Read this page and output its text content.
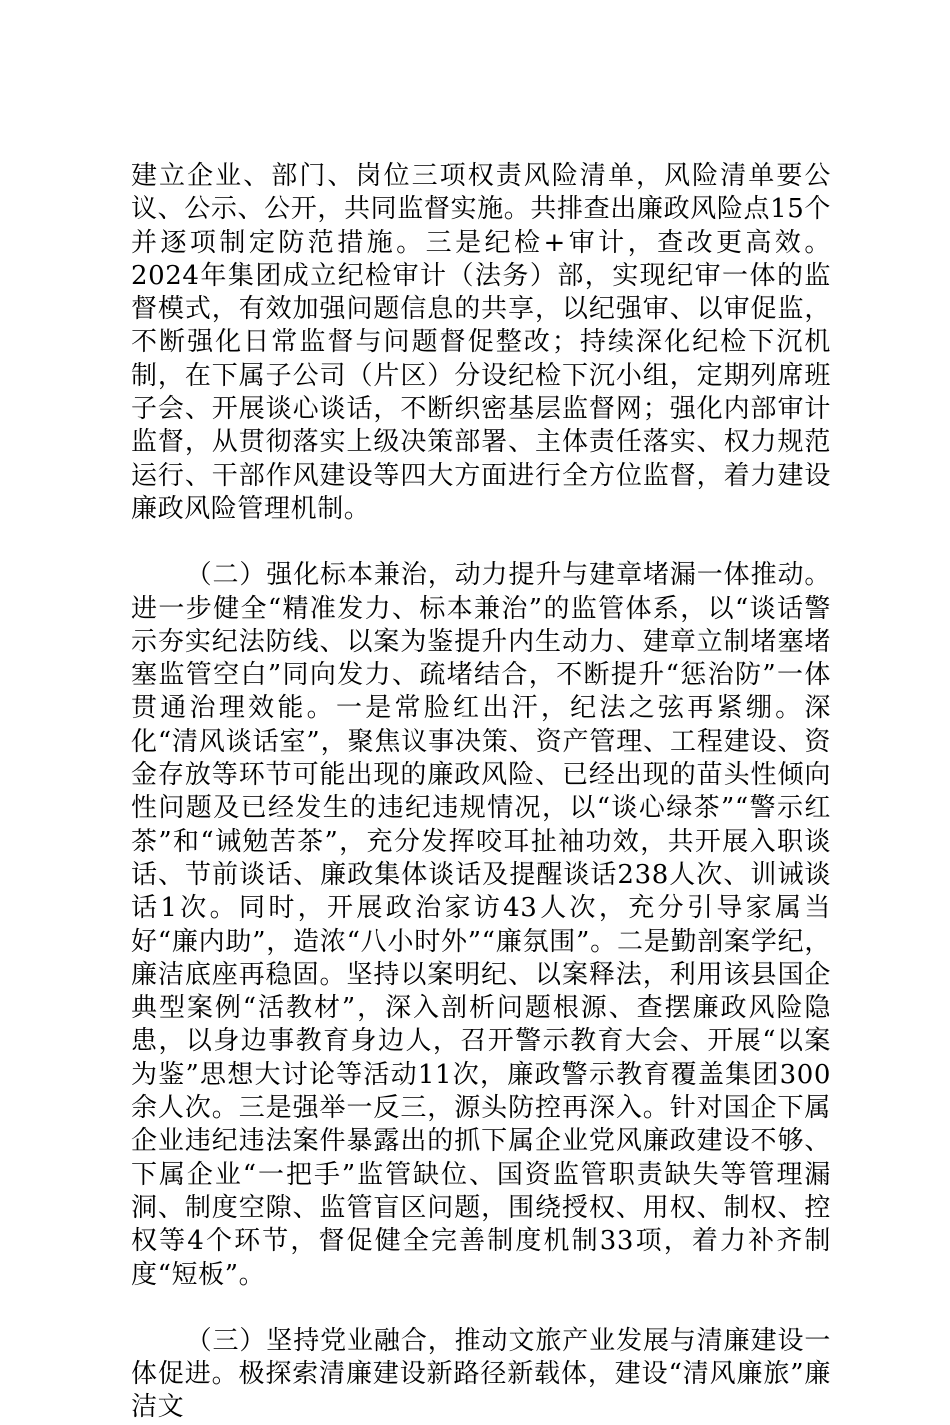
建立企业、部门、岗位三项权责风险清单，风险清单要公议、公示、公开，共同监督实施。共排查出廉政风险点15个并逐项制定防范措施。三是纪检+审计，查改更高效。2024年集团成立纪检审计（法务）部，实现纪审一体的监督模式，有效加强问题信息的共享，以纪强审、以审促监，不断强化日常监督与问题督促整改；持续深化纪检下沉机制，在下属子公司（片区）分设纪检下沉小组，定期列席班子会、开展谈心谈话，不断织密基层监督网；强化内部审计监督，从贯彻落实上级决策部署、主体责任落实、权力规范运行、干部作风建设等四大方面进行全方位监督，着力建设廉政风险管理机制。

（二）强化标本兼治，动力提升与建章堵漏一体推动。进一步健全“精准发力、标本兼治”的监管体系，以“谈话警示夯实纪法防线、以案为鉴提升内生动力、建章立制堵塞堵塞监管空白”同向发力、疏堵结合，不断提升“惩治防”一体贯通治理效能。一是常脸红出汗，纪法之弦再紧绷。深化“清风谈话室”，聚焦议事决策、资产管理、工程建设、资金存放等环节可能出现的廉政风险、已经出现的苗头性倾向性问题及已经发生的违纪违规情况，以“谈心绿茶”“警示红茶”和“诫勉苦茶”，充分发挥咬耳扯袖功效，共开展入职谈话、节前谈话、廉政集体谈话及提醒谈话238人次、训诫谈话1次。同时，开展政治家访43人次，充分引导家属当好“廉内助”，造浓“八小时外”“廉氛围”。二是勤剖案学纪，廉洁底座再稳固。坚持以案明纪、以案释法，利用该县国企典型案例“活教材”，深入剖析问题根源、查摆廉政风险隐患，以身边事教育身边人，召开警示教育大会、开展“以案为鉴”思想大讨论等活动11次，廉政警示教育覆盖集团300余人次。三是强举一反三，源头防控再深入。针对国企下属企业违纪违法案件暴露出的抓下属企业党风廉政建设不够、下属企业“一把手”监管缺位、国资监管职责缺失等管理漏洞、制度空隙、监管盲区问题，围绕授权、用权、制权、控权等4个环节，督促健全完善制度机制33项，着力补齐制度“短板”。

（三）坚持党业融合，推动文旅产业发展与清廉建设一体促进。极探索清廉建设新路径新载体，建设“清风廉旅”廉洁文
